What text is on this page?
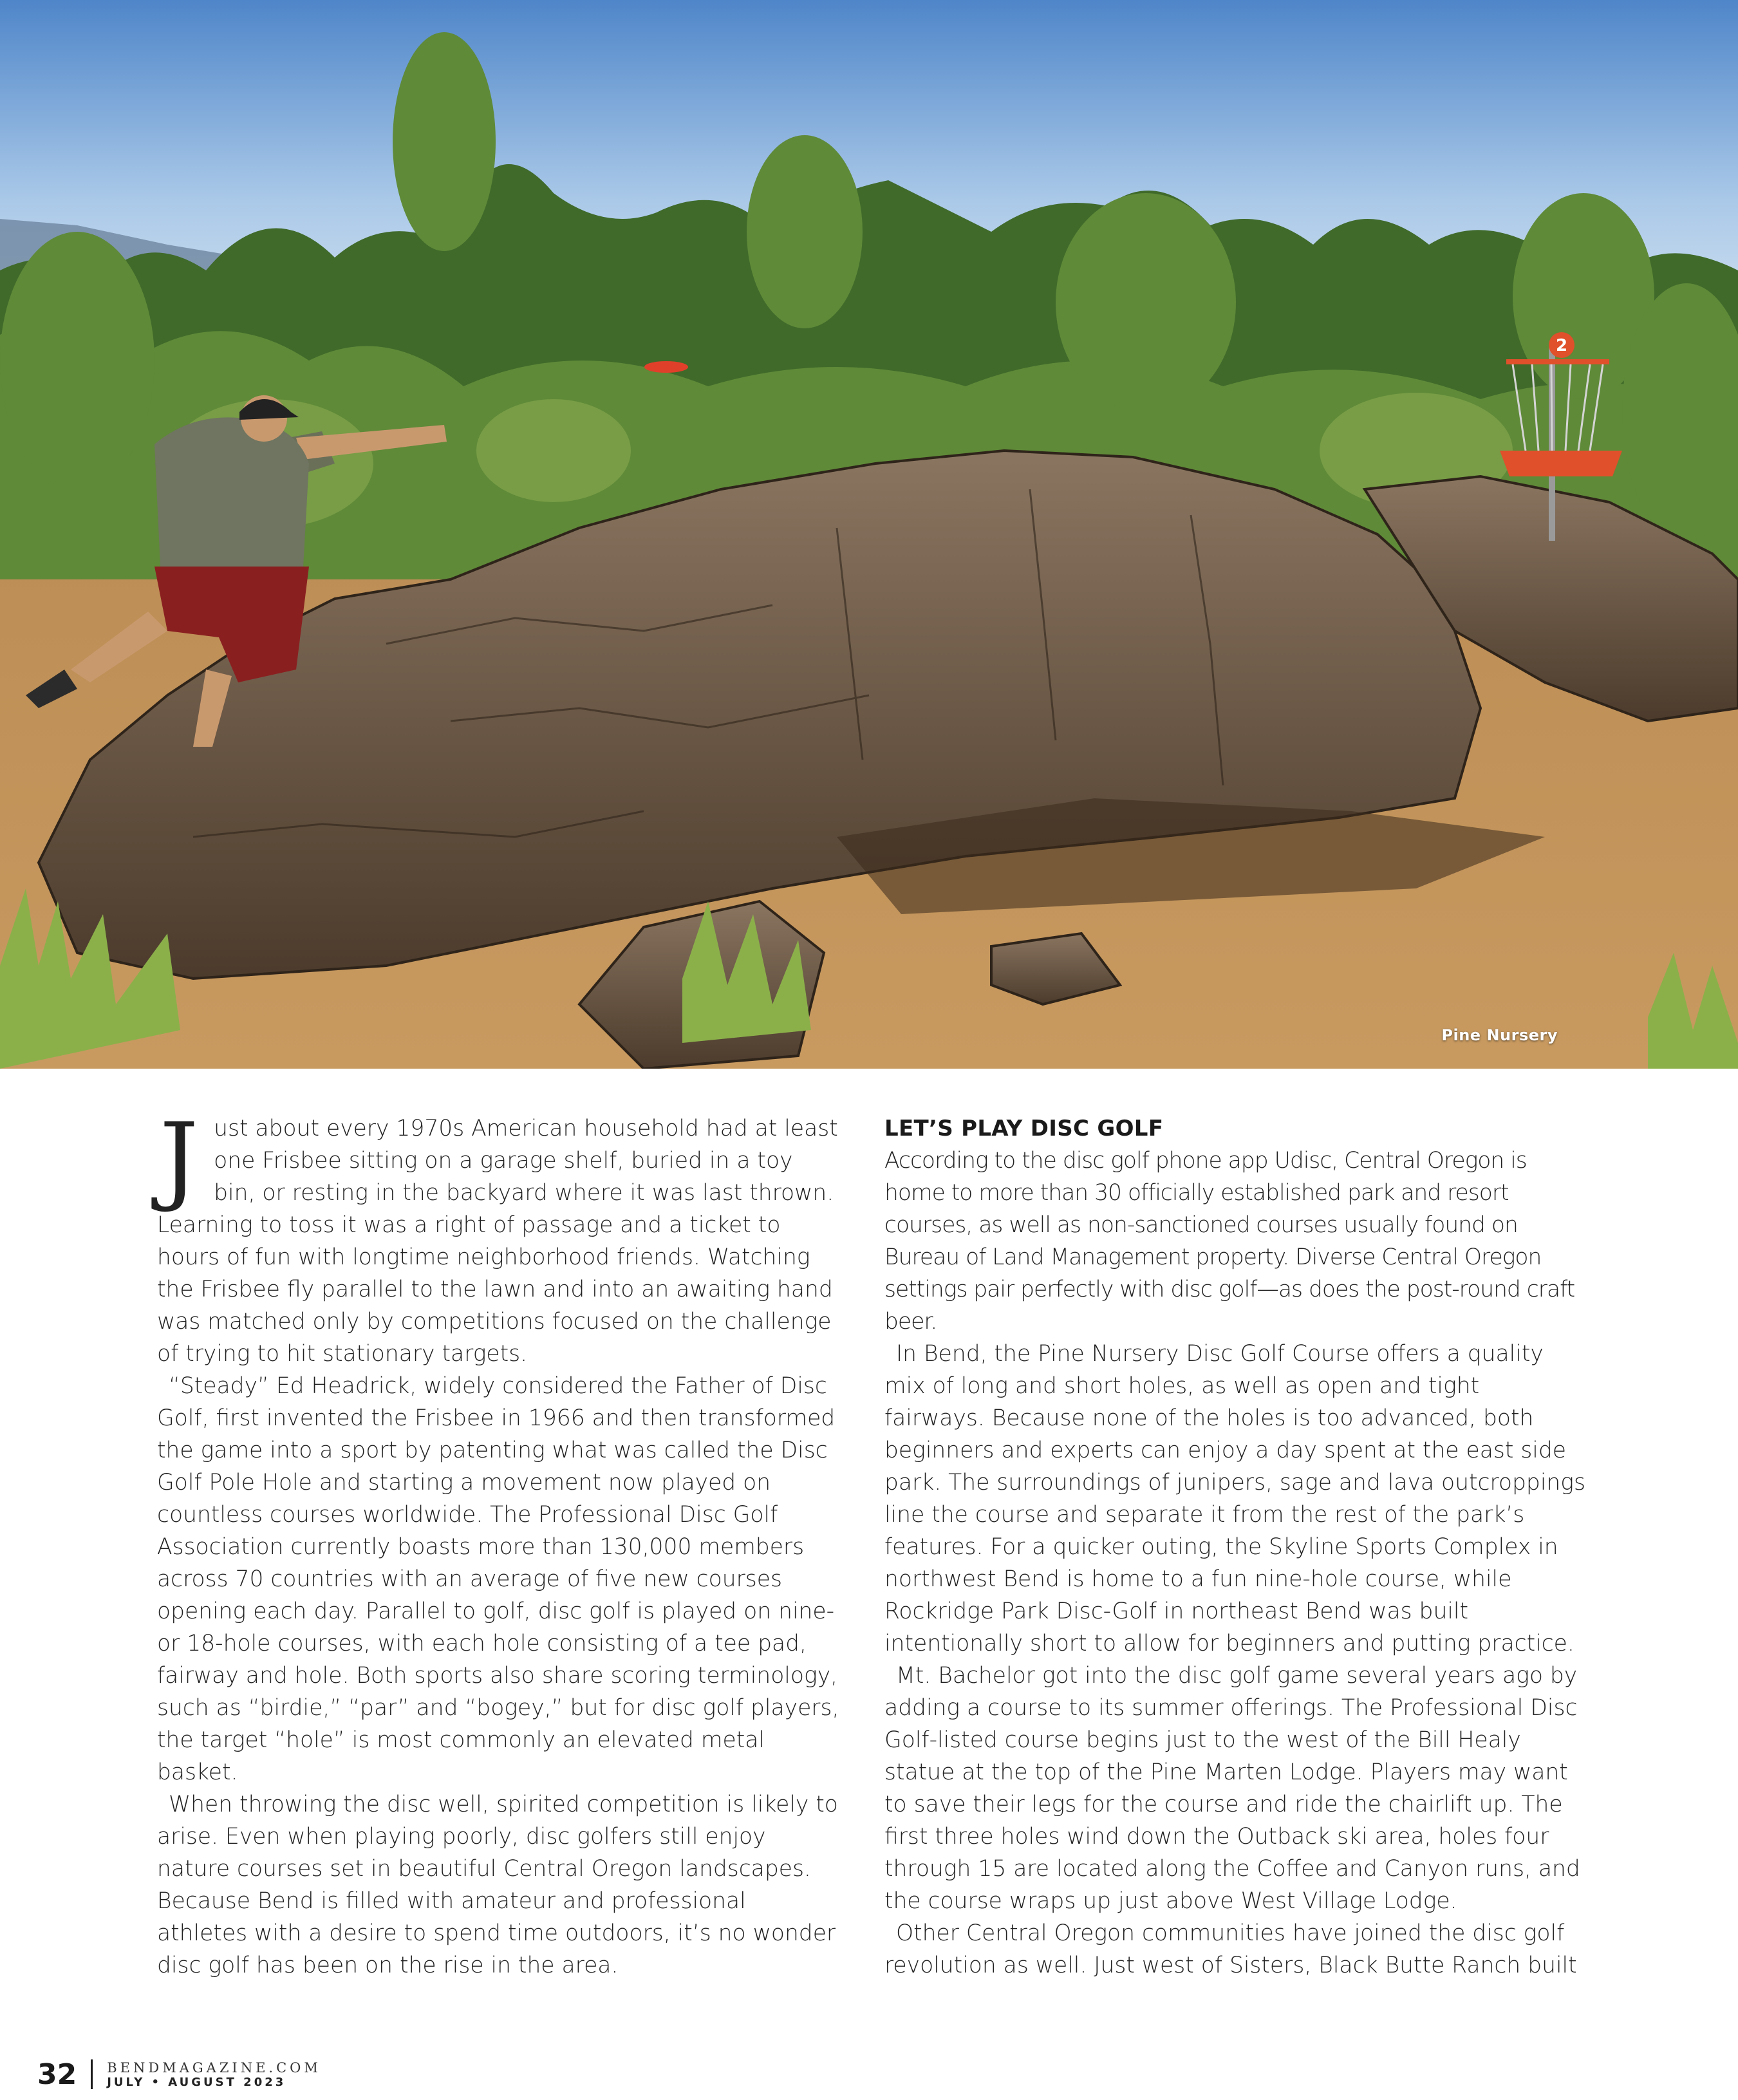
2
Pine Nursery

Just about every 1970s American household had at least one Frisbee sitting on a garage shelf, buried in a toy bin, or resting in the backyard where it was last thrown. Learning to toss it was a right of passage and a ticket to hours of fun with longtime neighborhood friends. Watching the Frisbee fly parallel to the lawn and into an awaiting hand was matched only by competitions focused on the challenge of trying to hit stationary targets.

“Steady” Ed Headrick, widely considered the Father of Disc Golf, first invented the Frisbee in 1966 and then transformed the game into a sport by patenting what was called the Disc Golf Pole Hole and starting a movement now played on countless courses worldwide. The Professional Disc Golf Association currently boasts more than 130,000 members across 70 countries with an average of five new courses opening each day. Parallel to golf, disc golf is played on nine- or 18-hole courses, with each hole consisting of a tee pad, fairway and hole. Both sports also share scoring terminology, such as “birdie,” “par” and “bogey,” but for disc golf players, the target “hole” is most commonly an elevated metal basket.

When throwing the disc well, spirited competition is likely to arise. Even when playing poorly, disc golfers still enjoy nature courses set in beautiful Central Oregon landscapes. Because Bend is filled with amateur and professional athletes with a desire to spend time outdoors, it’s no wonder disc golf has been on the rise in the area.

LET’S PLAY DISC GOLF

According to the disc golf phone app Udisc, Central Oregon is home to more than 30 officially established park and resort courses, as well as non-sanctioned courses usually found on Bureau of Land Management property. Diverse Central Oregon settings pair perfectly with disc golf—as does the post-round craft beer.

In Bend, the Pine Nursery Disc Golf Course offers a quality mix of long and short holes, as well as open and tight fairways. Because none of the holes is too advanced, both beginners and experts can enjoy a day spent at the east side park. The surroundings of junipers, sage and lava outcroppings line the course and separate it from the rest of the park’s features. For a quicker outing, the Skyline Sports Complex in northwest Bend is home to a fun nine-hole course, while Rockridge Park Disc-Golf in northeast Bend was built intentionally short to allow for beginners and putting practice.

Mt. Bachelor got into the disc golf game several years ago by adding a course to its summer offerings. The Professional Disc Golf-listed course begins just to the west of the Bill Healy statue at the top of the Pine Marten Lodge. Players may want to save their legs for the course and ride the chairlift up. The first three holes wind down the Outback ski area, holes four through 15 are located along the Coffee and Canyon runs, and the course wraps up just above West Village Lodge.

Other Central Oregon communities have joined the disc golf revolution as well. Just west of Sisters, Black Butte Ranch built

32 BENDMAGAZINE.COM
JULY • AUGUST 2023
